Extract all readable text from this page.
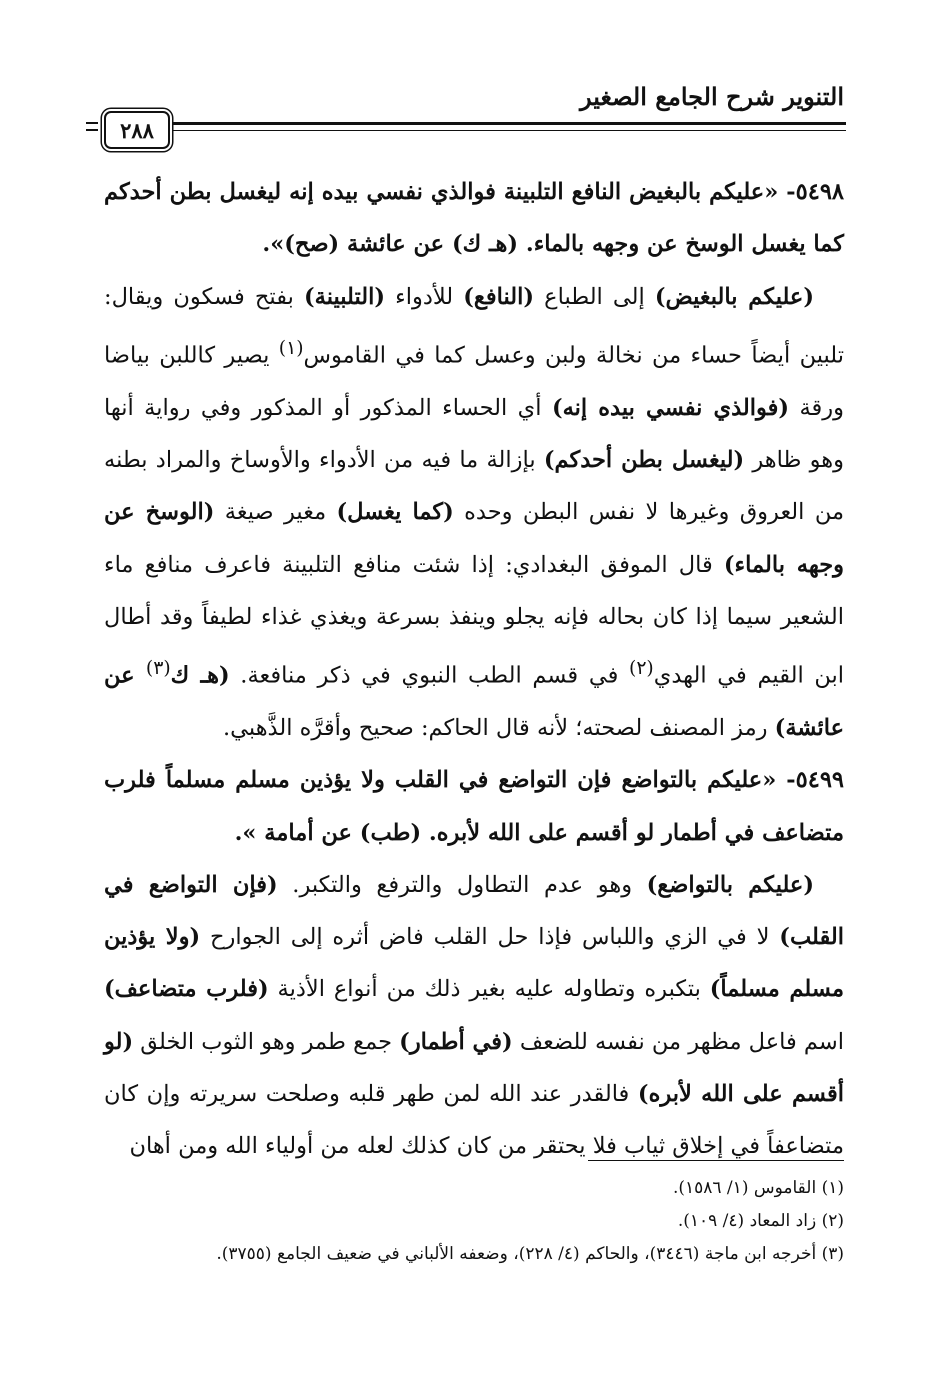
التنوير شرح الجامع الصغير
٢٨٨

٥٤٩٨- «عليكم بالبغيض النافع التلبينة فوالذي نفسي بيده إنه ليغسل بطن أحدكم كما يغسل الوسخ عن وجهه بالماء. (هـ ك) عن عائشة (صح)».

(عليكم بالبغيض) إلى الطباع (النافع) للأدواء (التلبينة) بفتح فسكون ويقال: تلبين أيضاً حساء من نخالة ولبن وعسل كما في القاموس$^{(١)}$ يصير كاللبن بياضا ورقة (فوالذي نفسي بيده إنه) أي الحساء المذكور أو المذكور وفي رواية أنها وهو ظاهر (ليغسل بطن أحدكم) بإزالة ما فيه من الأدواء والأوساخ والمراد بطنه من العروق وغيرها لا نفس البطن وحده (كما يغسل) مغير صيغة (الوسخ عن وجهه بالماء) قال الموفق البغدادي: إذا شئت منافع التلبينة فاعرف منافع ماء الشعير سيما إذا كان بحاله فإنه يجلو وينفذ بسرعة ويغذي غذاء لطيفاً وقد أطال ابن القيم في الهدي$^{(٢)}$ في قسم الطب النبوي في ذكر منافعة. (هـ ك$^{(٣)}$ عن عائشة) رمز المصنف لصحته؛ لأنه قال الحاكم: صحيح وأقرَّه الذَّهبي.

٥٤٩٩- «عليكم بالتواضع فإن التواضع في القلب ولا يؤذين مسلم مسلماً فلرب متضاعف في أطمار لو أقسم على الله لأبره. (طب) عن أمامة ».

(عليكم بالتواضع) وهو عدم التطاول والترفع والتكبر. (فإن التواضع في القلب) لا في الزي واللباس فإذا حل القلب فاض أثره إلى الجوارح (ولا يؤذين مسلم مسلماً) بتكبره وتطاوله عليه بغير ذلك من أنواع الأذية (فلرب متضاعف) اسم فاعل مظهر من نفسه للضعف (في أطمار) جمع طمر وهو الثوب الخلق (لو أقسم على الله لأبره) فالقدر عند الله لمن طهر قلبه وصلحت سريرته وإن كان متضاعفاً في إخلاق ثياب فلا يحتقر من كان كذلك لعله من أولياء الله ومن أهان

(١) القاموس (١/ ١٥٨٦).
(٢) زاد المعاد (٤/ ١٠٩).
(٣) أخرجه ابن ماجة (٣٤٤٦)، والحاكم (٤/ ٢٢٨)، وضعفه الألباني في ضعيف الجامع (٣٧٥٥).
